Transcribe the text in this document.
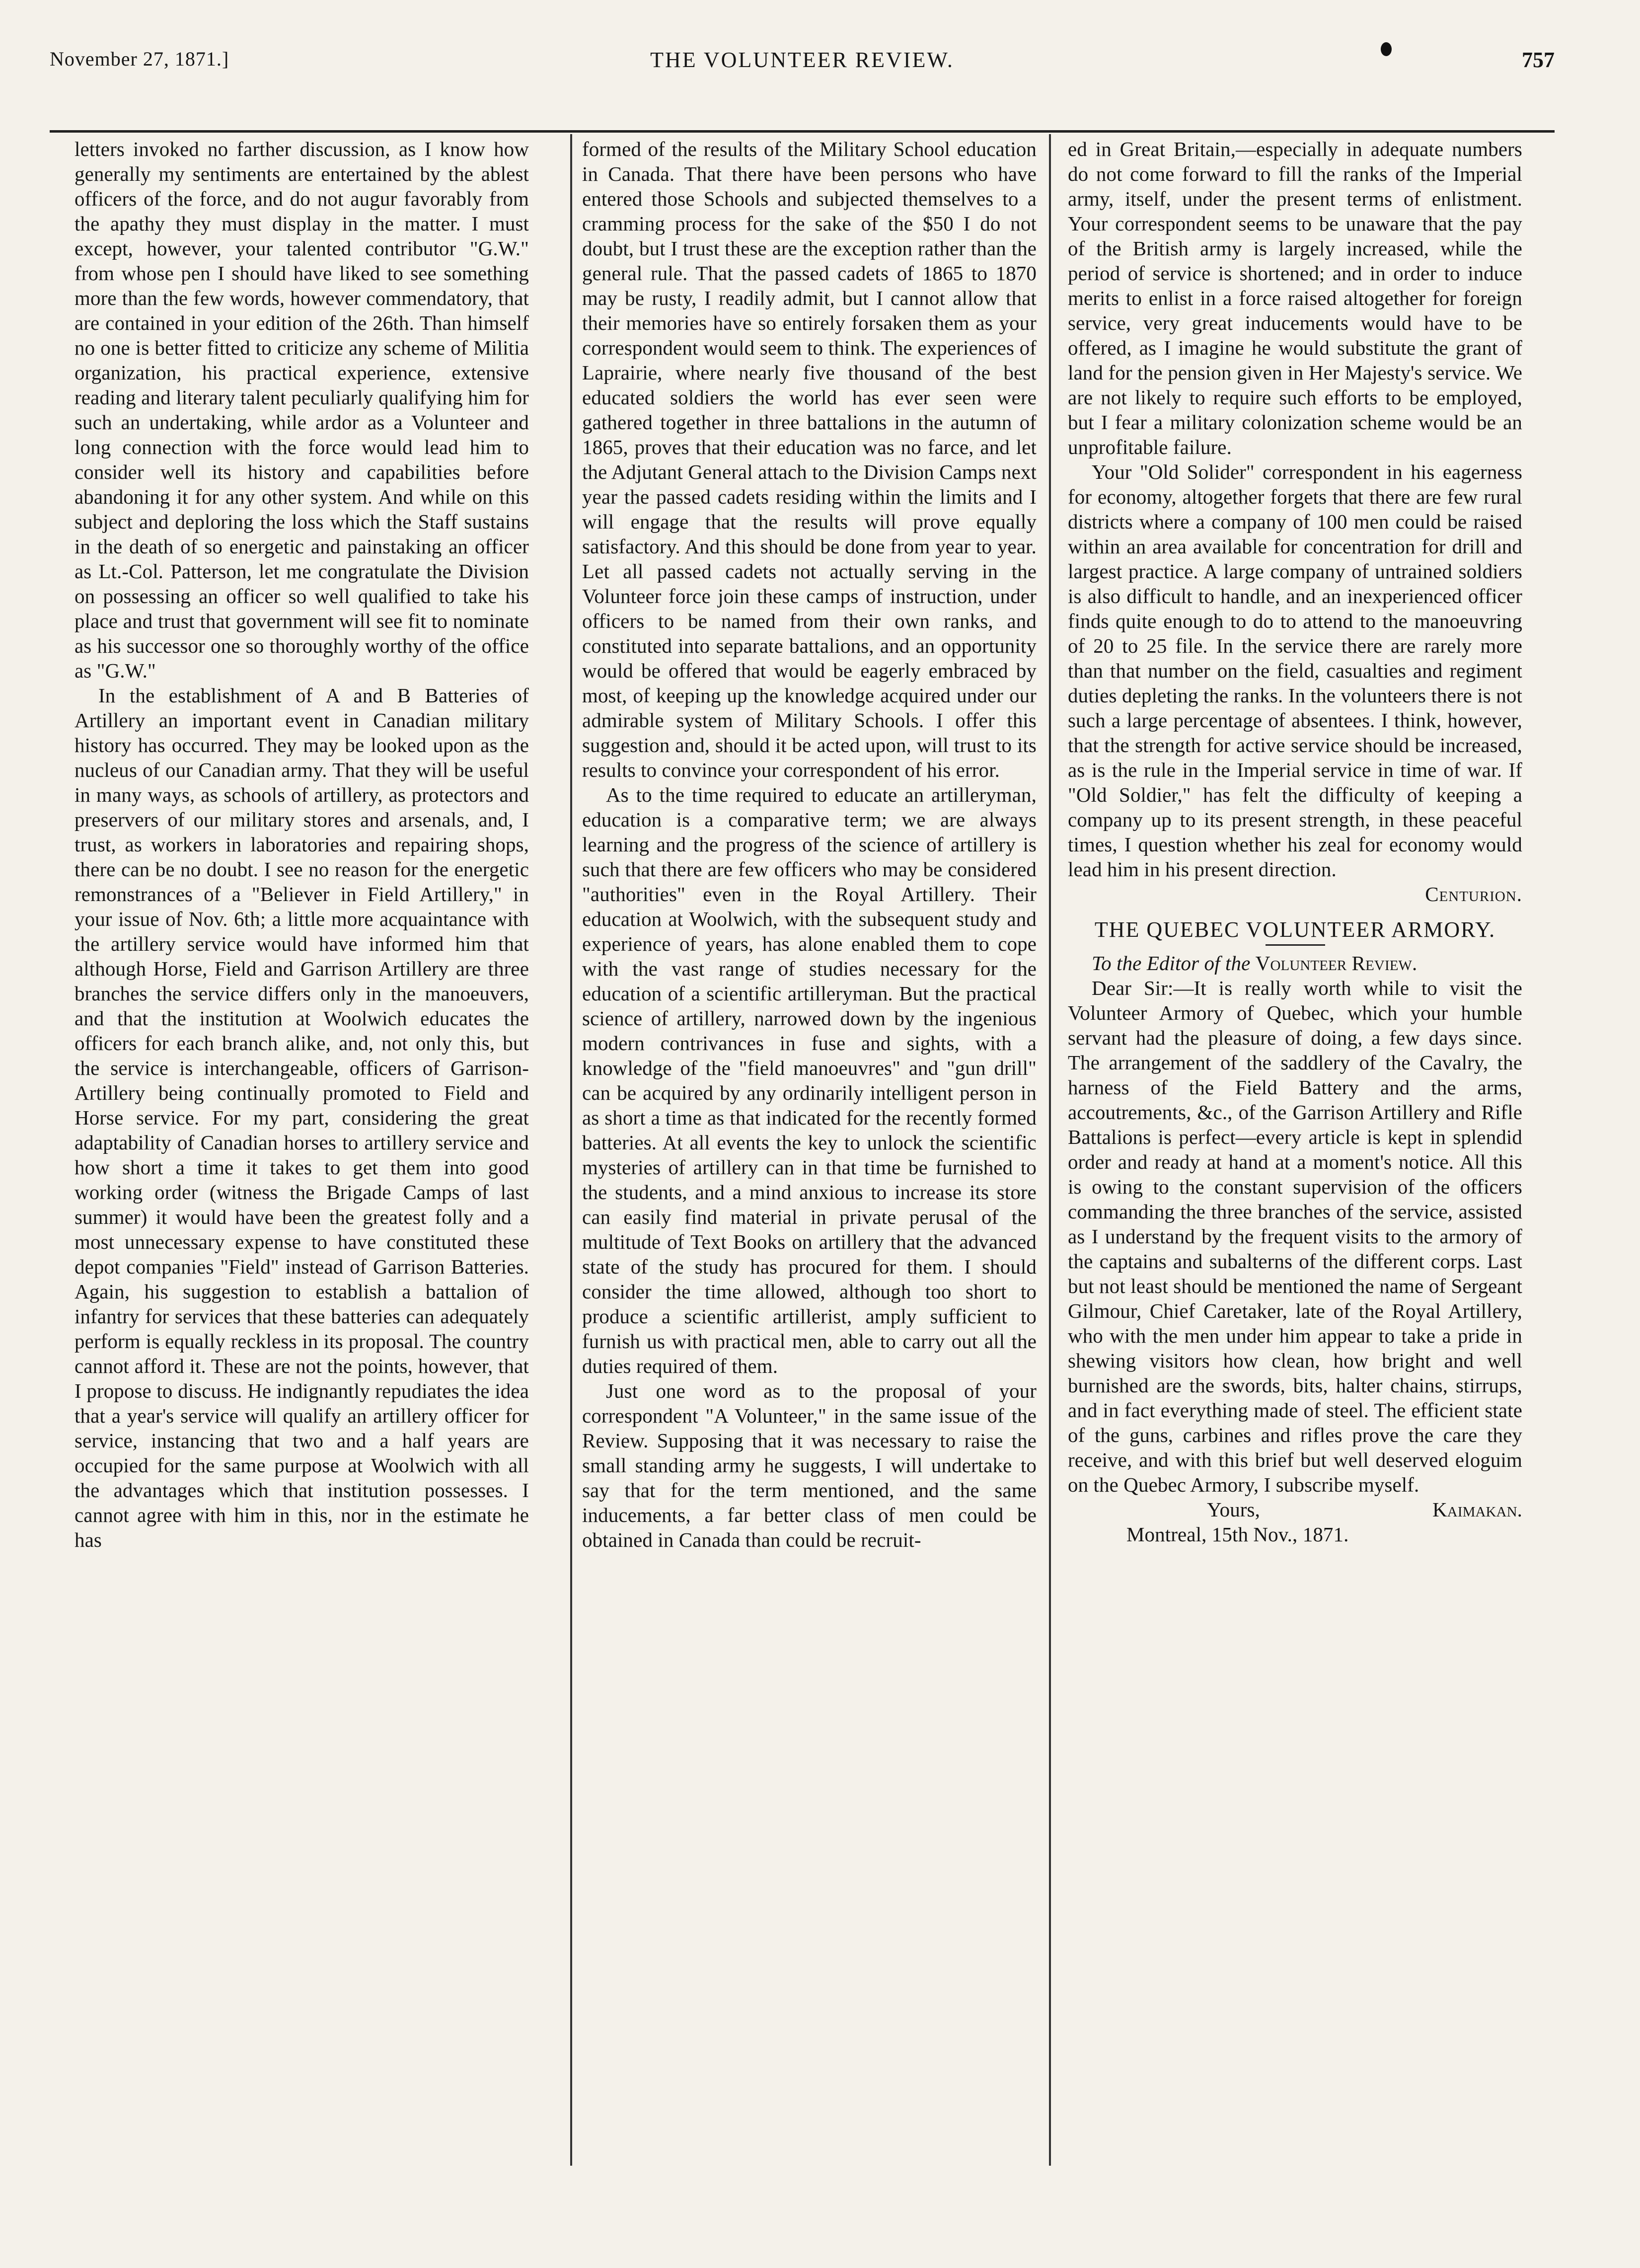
November 27, 1871.]	THE VOLUNTEER REVIEW.	757

letters invoked no farther discussion, as I know how generally my sentiments are entertained by the ablest officers of the force, and do not augur favorably from the apathy they must display in the matter. I must except, however, your talented contributor "G.W." from whose pen I should have liked to see something more than the few words, however commendatory, that are contained in your edition of the 26th. Than himself no one is better fitted to criticize any scheme of Militia organization, his practical experience, extensive reading and literary talent peculiarly qualifying him for such an undertaking, while ardor as a Volunteer and long connection with the force would lead him to consider well its history and capabilities before abandoning it for any other system. And while on this subject and deploring the loss which the Staff sustains in the death of so energetic and painstaking an officer as Lt.-Col. Patterson, let me congratulate the Division on possessing an officer so well qualified to take his place and trust that government will see fit to nominate as his successor one so thoroughly worthy of the office as "G.W."

In the establishment of A and B Batteries of Artillery an important event in Canadian military history has occurred. They may be looked upon as the nucleus of our Canadian army. That they will be useful in many ways, as schools of artillery, as protectors and preservers of our military stores and arsenals, and, I trust, as workers in laboratories and repairing shops, there can be no doubt. I see no reason for the energetic remonstrances of a "Believer in Field Artillery," in your issue of Nov. 6th; a little more acquaintance with the artillery service would have informed him that although Horse, Field and Garrison Artillery are three branches the service differs only in the manoeuvers, and that the institution at Woolwich educates the officers for each branch alike, and, not only this, but the service is interchangeable, officers of Garrison-Artillery being continually promoted to Field and Horse service. For my part, considering the great adaptability of Canadian horses to artillery service and how short a time it takes to get them into good working order (witness the Brigade Camps of last summer) it would have been the greatest folly and a most unnecessary expense to have constituted these depot companies "Field" instead of Garrison Batteries. Again, his suggestion to establish a battalion of infantry for services that these batteries can adequately perform is equally reckless in its proposal. The country cannot afford it. These are not the points, however, that I propose to discuss. He indignantly repudiates the idea that a year's service will qualify an artillery officer for service, instancing that two and a half years are occupied for the same purpose at Woolwich with all the advantages which that institution possesses. I cannot agree with him in this, nor in the estimate he has

formed of the results of the Military School education in Canada. That there have been persons who have entered those Schools and subjected themselves to a cramming process for the sake of the $50 I do not doubt, but I trust these are the exception rather than the general rule. That the passed cadets of 1865 to 1870 may be rusty, I readily admit, but I cannot allow that their memories have so entirely forsaken them as your correspondent would seem to think. The experiences of Laprairie, where nearly five thousand of the best educated soldiers the world has ever seen were gathered together in three battalions in the autumn of 1865, proves that their education was no farce, and let the Adjutant General attach to the Division Camps next year the passed cadets residing within the limits and I will engage that the results will prove equally satisfactory. And this should be done from year to year. Let all passed cadets not actually serving in the Volunteer force join these camps of instruction, under officers to be named from their own ranks, and constituted into separate battalions, and an opportunity would be offered that would be eagerly embraced by most, of keeping up the knowledge acquired under our admirable system of Military Schools. I offer this suggestion and, should it be acted upon, will trust to its results to convince your correspondent of his error.

As to the time required to educate an artilleryman, education is a comparative term; we are always learning and the progress of the science of artillery is such that there are few officers who may be considered "authorities" even in the Royal Artillery. Their education at Woolwich, with the subsequent study and experience of years, has alone enabled them to cope with the vast range of studies necessary for the education of a scientific artilleryman. But the practical science of artillery, narrowed down by the ingenious modern contrivances in fuse and sights, with a knowledge of the "field manoeuvres" and "gun drill" can be acquired by any ordinarily intelligent person in as short a time as that indicated for the recently formed batteries. At all events the key to unlock the scientific mysteries of artillery can in that time be furnished to the students, and a mind anxious to increase its store can easily find material in private perusal of the multitude of Text Books on artillery that the advanced state of the study has procured for them. I should consider the time allowed, although too short to produce a scientific artillerist, amply sufficient to furnish us with practical men, able to carry out all the duties required of them.

Just one word as to the proposal of your correspondent "A Volunteer," in the same issue of the Review. Supposing that it was necessary to raise the small standing army he suggests, I will undertake to say that for the term mentioned, and the same inducements, a far better class of men could be obtained in Canada than could be recruit-

ed in Great Britain,—especially in adequate numbers do not come forward to fill the ranks of the Imperial army, itself, under the present terms of enlistment. Your correspondent seems to be unaware that the pay of the British army is largely increased, while the period of service is shortened; and in order to induce merits to enlist in a force raised altogether for foreign service, very great inducements would have to be offered, as I imagine he would substitute the grant of land for the pension given in Her Majesty's service. We are not likely to require such efforts to be employed, but I fear a military colonization scheme would be an unprofitable failure.

Your "Old Solider" correspondent in his eagerness for economy, altogether forgets that there are few rural districts where a company of 100 men could be raised within an area available for concentration for drill and largest practice. A large company of untrained soldiers is also difficult to handle, and an inexperienced officer finds quite enough to do to attend to the manoeuvring of 20 to 25 file. In the service there are rarely more than that number on the field, casualties and regiment duties depleting the ranks. In the volunteers there is not such a large percentage of absentees. I think, however, that the strength for active service should be increased, as is the rule in the Imperial service in time of war. If "Old Soldier," has felt the difficulty of keeping a company up to its present strength, in these peaceful times, I question whether his zeal for economy would lead him in his present direction.

Centurion.

THE QUEBEC VOLUNTEER ARMORY.

To the Editor of the Volunteer Review.

Dear Sir:—It is really worth while to visit the Volunteer Armory of Quebec, which your humble servant had the pleasure of doing, a few days since. The arrangement of the saddlery of the Cavalry, the harness of the Field Battery and the arms, accoutrements, &c., of the Garrison Artillery and Rifle Battalions is perfect—every article is kept in splendid order and ready at hand at a moment's notice. All this is owing to the constant supervision of the officers commanding the three branches of the service, assisted as I understand by the frequent visits to the armory of the captains and subalterns of the different corps. Last but not least should be mentioned the name of Sergeant Gilmour, Chief Caretaker, late of the Royal Artillery, who with the men under him appear to take a pride in shewing visitors how clean, how bright and well burnished are the swords, bits, halter chains, stirrups, and in fact everything made of steel. The efficient state of the guns, carbines and rifles prove the care they receive, and with this brief but well deserved eloguim on the Quebec Armory, I subscribe myself.

Yours,	Kaimakan.

Montreal, 15th Nov., 1871.
